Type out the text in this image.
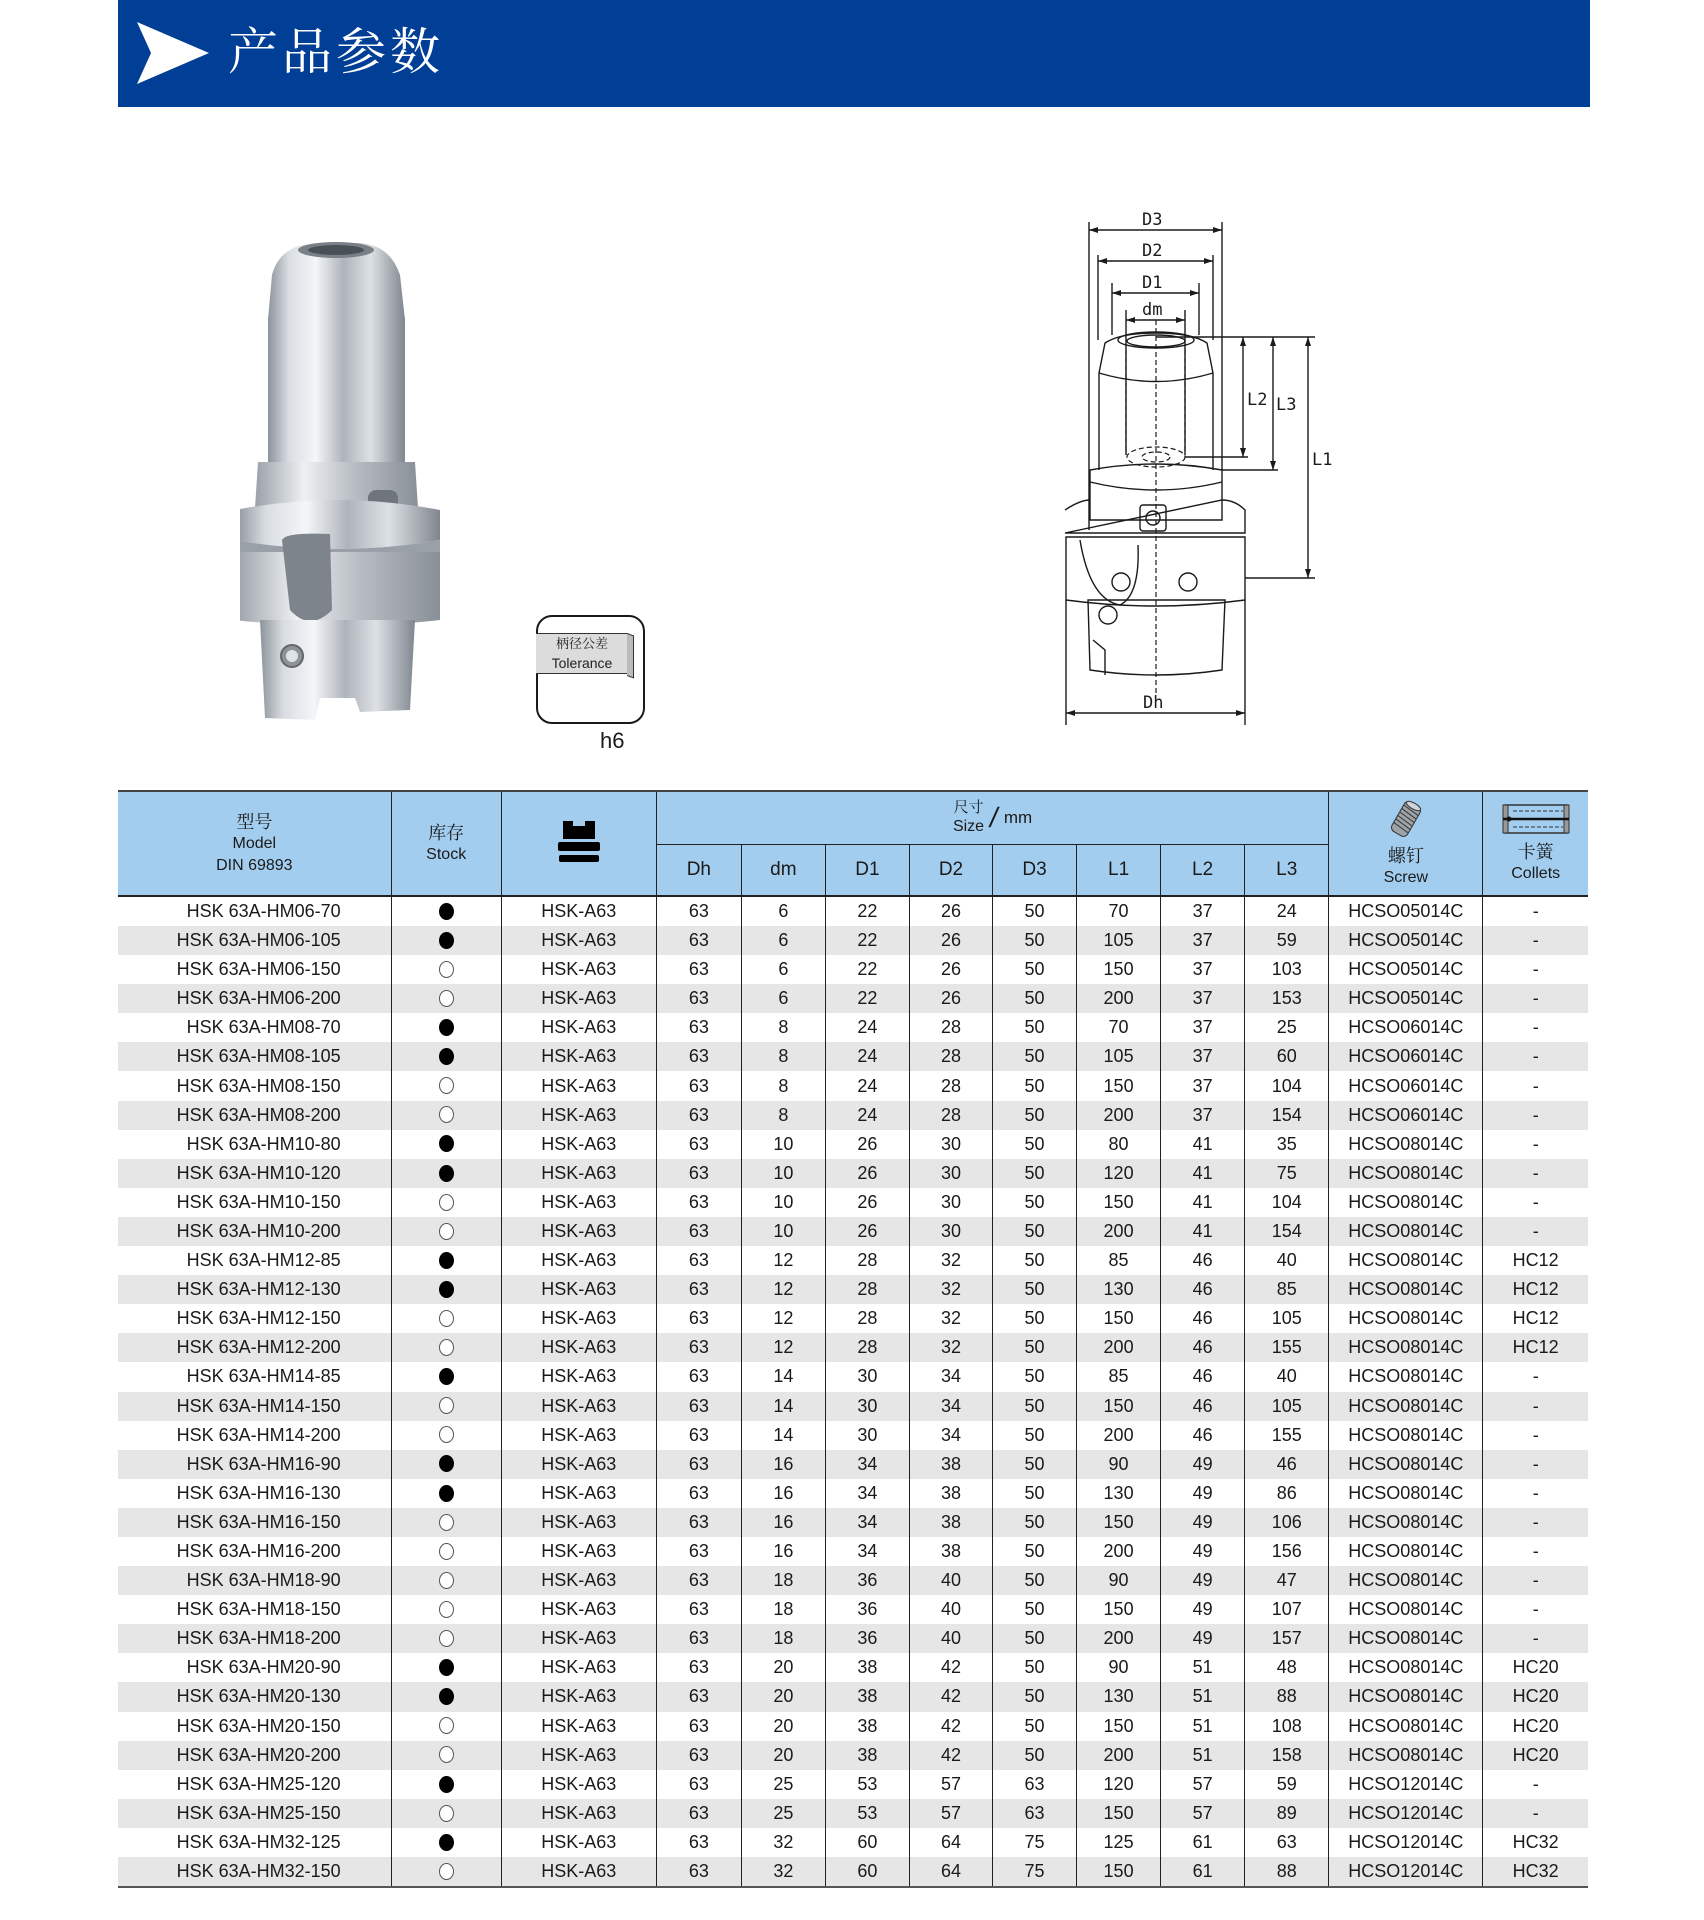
产品参数
柄径公差
Tolerance
h6
D3
D2
D1
dm
L2 L3
L1
Dh
型号
Model
DIN 69893	库存
Stock		尺寸
Size / mm								螺钉
Screw	卡簧
Collets

			Dh	dm	D1	D2	D3	L1	L2	L3		
HSK 63A-HM06-70		HSK-A63	63	6	22	26	50	70	37	24	HCSO05014C	-
HSK 63A-HM06-105		HSK-A63	63	6	22	26	50	105	37	59	HCSO05014C	-
HSK 63A-HM06-150		HSK-A63	63	6	22	26	50	150	37	103	HCSO05014C	-
HSK 63A-HM06-200		HSK-A63	63	6	22	26	50	200	37	153	HCSO05014C	-
HSK 63A-HM08-70		HSK-A63	63	8	24	28	50	70	37	25	HCSO06014C	-
HSK 63A-HM08-105		HSK-A63	63	8	24	28	50	105	37	60	HCSO06014C	-
HSK 63A-HM08-150		HSK-A63	63	8	24	28	50	150	37	104	HCSO06014C	-
HSK 63A-HM08-200		HSK-A63	63	8	24	28	50	200	37	154	HCSO06014C	-
HSK 63A-HM10-80		HSK-A63	63	10	26	30	50	80	41	35	HCSO08014C	-
HSK 63A-HM10-120		HSK-A63	63	10	26	30	50	120	41	75	HCSO08014C	-
HSK 63A-HM10-150		HSK-A63	63	10	26	30	50	150	41	104	HCSO08014C	-
HSK 63A-HM10-200		HSK-A63	63	10	26	30	50	200	41	154	HCSO08014C	-
HSK 63A-HM12-85		HSK-A63	63	12	28	32	50	85	46	40	HCSO08014C	HC12
HSK 63A-HM12-130		HSK-A63	63	12	28	32	50	130	46	85	HCSO08014C	HC12
HSK 63A-HM12-150		HSK-A63	63	12	28	32	50	150	46	105	HCSO08014C	HC12
HSK 63A-HM12-200		HSK-A63	63	12	28	32	50	200	46	155	HCSO08014C	HC12
HSK 63A-HM14-85		HSK-A63	63	14	30	34	50	85	46	40	HCSO08014C	-
HSK 63A-HM14-150		HSK-A63	63	14	30	34	50	150	46	105	HCSO08014C	-
HSK 63A-HM14-200		HSK-A63	63	14	30	34	50	200	46	155	HCSO08014C	-
HSK 63A-HM16-90		HSK-A63	63	16	34	38	50	90	49	46	HCSO08014C	-
HSK 63A-HM16-130		HSK-A63	63	16	34	38	50	130	49	86	HCSO08014C	-
HSK 63A-HM16-150		HSK-A63	63	16	34	38	50	150	49	106	HCSO08014C	-
HSK 63A-HM16-200		HSK-A63	63	16	34	38	50	200	49	156	HCSO08014C	-
HSK 63A-HM18-90		HSK-A63	63	18	36	40	50	90	49	47	HCSO08014C	-
HSK 63A-HM18-150		HSK-A63	63	18	36	40	50	150	49	107	HCSO08014C	-
HSK 63A-HM18-200		HSK-A63	63	18	36	40	50	200	49	157	HCSO08014C	-
HSK 63A-HM20-90		HSK-A63	63	20	38	42	50	90	51	48	HCSO08014C	HC20
HSK 63A-HM20-130		HSK-A63	63	20	38	42	50	130	51	88	HCSO08014C	HC20
HSK 63A-HM20-150		HSK-A63	63	20	38	42	50	150	51	108	HCSO08014C	HC20
HSK 63A-HM20-200		HSK-A63	63	20	38	42	50	200	51	158	HCSO08014C	HC20
HSK 63A-HM25-120		HSK-A63	63	25	53	57	63	120	57	59	HCSO12014C	-
HSK 63A-HM25-150		HSK-A63	63	25	53	57	63	150	57	89	HCSO12014C	-
HSK 63A-HM32-125		HSK-A63	63	32	60	64	75	125	61	63	HCSO12014C	HC32
HSK 63A-HM32-150		HSK-A63	63	32	60	64	75	150	61	88	HCSO12014C	HC32
